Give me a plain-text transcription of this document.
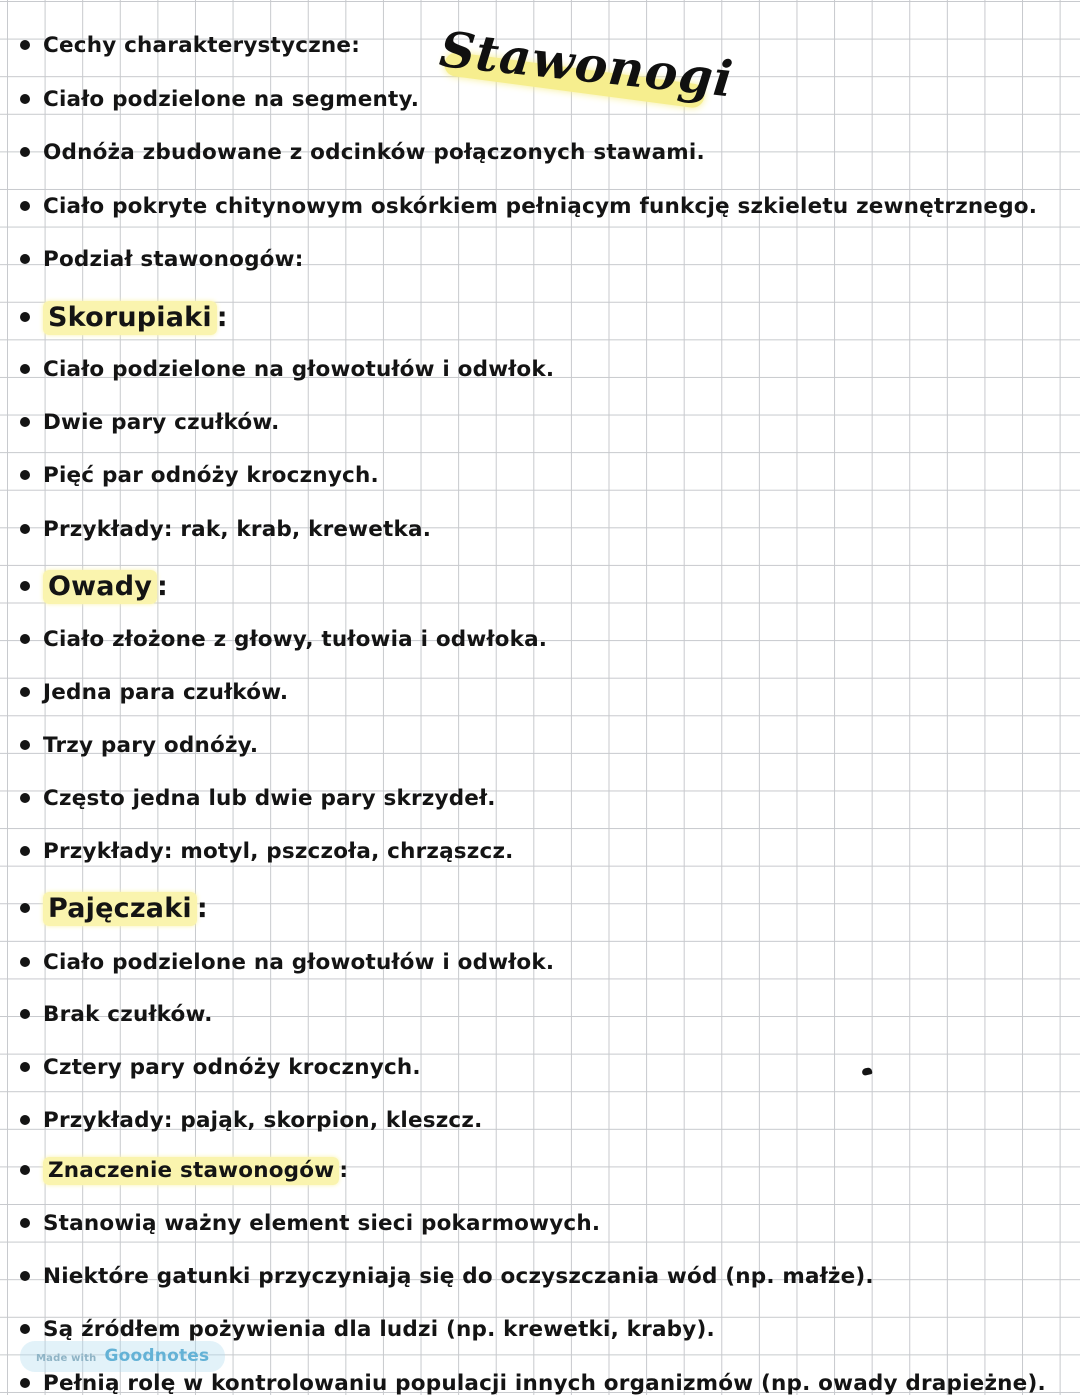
Stawonogi
Cechy charakterystyczne:
Ciało podzielone na segmenty.
Odnóża zbudowane z odcinków połączonych stawami.
Ciało pokryte chitynowym oskórkiem pełniącym funkcję szkieletu zewnętrznego.
Podział stawonogów:
Skorupiaki :
Ciało podzielone na głowotułów i odwłok.
Dwie pary czułków.
Pięć par odnóży krocznych.
Przykłady: rak, krab, krewetka.
Owady :
Ciało złożone z głowy, tułowia i odwłoka.
Jedna para czułków.
Trzy pary odnóży.
Często jedna lub dwie pary skrzydeł.
Przykłady: motyl, pszczoła, chrząszcz.
Pajęczaki :
Ciało podzielone na głowotułów i odwłok.
Brak czułków.
Cztery pary odnóży krocznych.
Przykłady: pająk, skorpion, kleszcz.
Znaczenie stawonogów :
Stanowią ważny element sieci pokarmowych.
Niektóre gatunki przyczyniają się do oczyszczania wód (np. małże).
Są źródłem pożywienia dla ludzi (np. krewetki, kraby).
Pełnią rolę w kontrolowaniu populacji innych organizmów (np. owady drapieżne).
Made with Goodnotes
